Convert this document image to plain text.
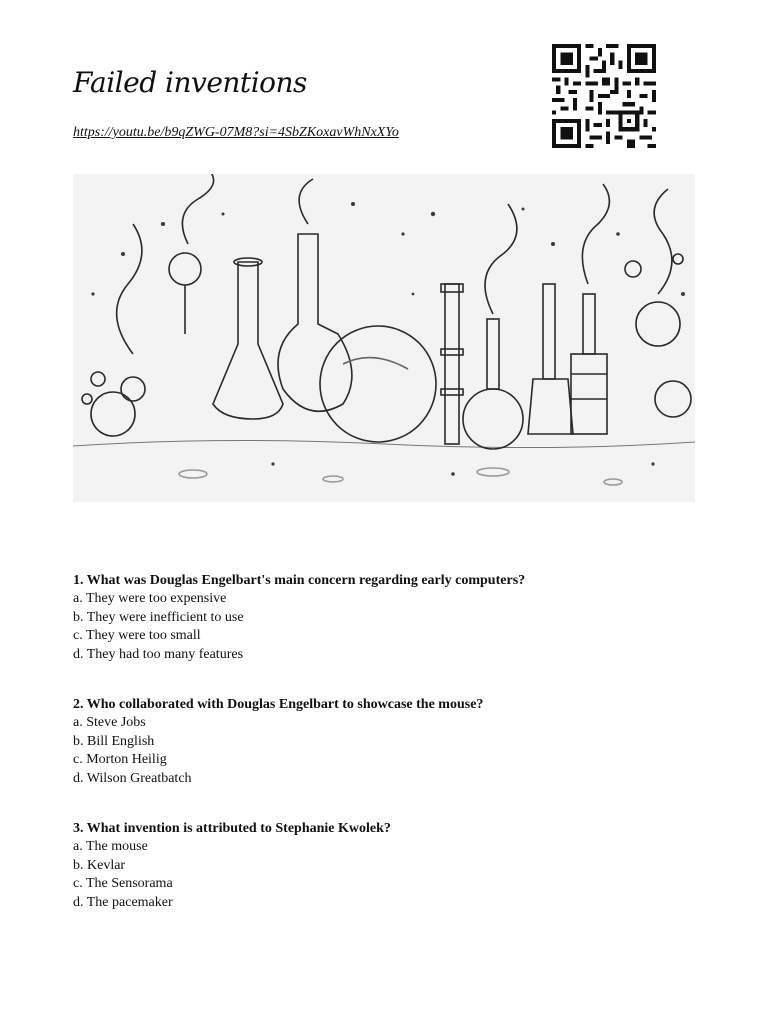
Failed inventions
https://youtu.be/b9qZWG-07M8?si=4SbZKoxavWhNxXYo
1. What was Douglas Engelbart's main concern regarding early computers?
a. They were too expensive
b. They were inefficient to use
c. They were too small
d. They had too many features
2. Who collaborated with Douglas Engelbart to showcase the mouse?
a. Steve Jobs
b. Bill English
c. Morton Heilig
d. Wilson Greatbatch
3. What invention is attributed to Stephanie Kwolek?
a. The mouse
b. Kevlar
c. The Sensorama
d. The pacemaker
